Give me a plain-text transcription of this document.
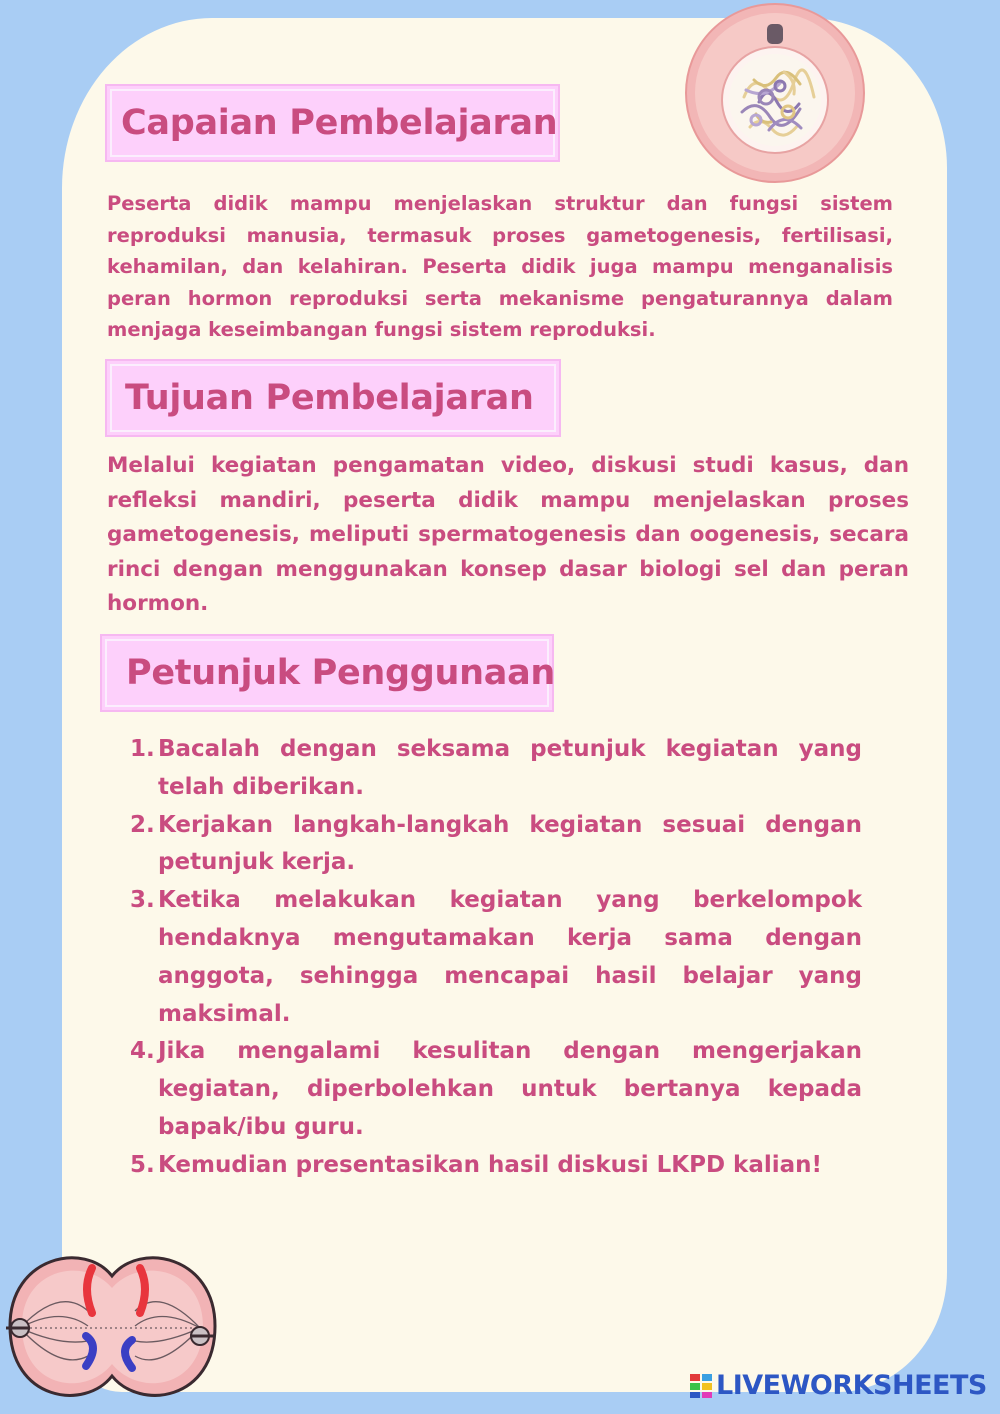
Capaian Pembelajaran

Peserta didik mampu menjelaskan struktur dan fungsi sistem reproduksi manusia, termasuk proses gametogenesis, fertilisasi, kehamilan, dan kelahiran. Peserta didik juga mampu menganalisis peran hormon reproduksi serta mekanisme pengaturannya dalam menjaga keseimbangan fungsi sistem reproduksi.

Tujuan Pembelajaran

Melalui kegiatan pengamatan video, diskusi studi kasus, dan refleksi mandiri, peserta didik mampu menjelaskan proses gametogenesis, meliputi spermatogenesis dan oogenesis, secara rinci dengan menggunakan konsep dasar biologi sel dan peran hormon.

Petunjuk Penggunaan
1. Bacalah dengan seksama petunjuk kegiatan yang telah diberikan.
2. Kerjakan langkah-langkah kegiatan sesuai dengan petunjuk kerja.
3. Ketika melakukan kegiatan yang berkelompok hendaknya mengutamakan kerja sama dengan anggota, sehingga mencapai hasil belajar yang maksimal.
4. Jika mengalami kesulitan dengan mengerjakan kegiatan, diperbolehkan untuk bertanya kepada bapak/ibu guru.
5. Kemudian presentasikan hasil diskusi LKPD kalian!
LIVEWORKSHEETS
